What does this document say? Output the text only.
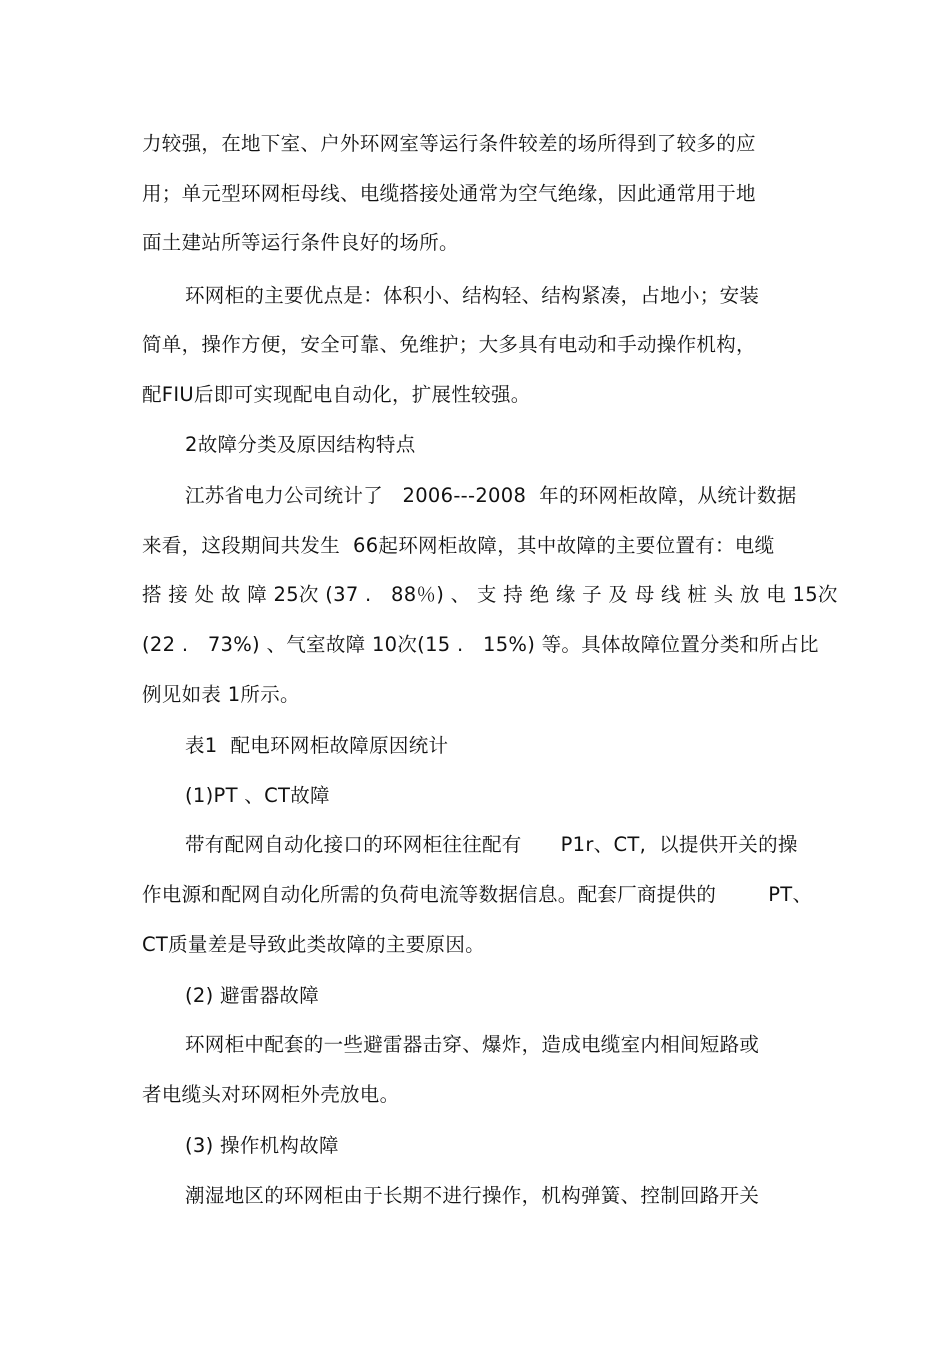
力较强，在地下室、户外环网室等运行条件较差的场所得到了较多的应
用；单元型环网柜母线、电缆搭接处通常为空气绝缘，因此通常用于地
面土建站所等运行条件良好的场所。
环网柜的主要优点是：体积小、结构轻、结构紧凑，占地小；安装
简单，操作方便，安全可靠、免维护；大多具有电动和手动操作机构，
配FIU后即可实现配电自动化，扩展性较强。
2故障分类及原因结构特点
江苏省电力公司统计了   2006---2008  年的环网柜故障，从统计数据
来看，这段期间共发生  66起环网柜故障，其中故障的主要位置有：电缆
搭 接 处 故 障 25次 (37 .   88％) 、 支 持 绝 缘 子 及 母 线 桩 头 放 电 15次
(22 .   73%) 、气室故障 10次(15 .   15%) 等。具体故障位置分类和所占比
例见如表 1所示。
表1  配电环网柜故障原因统计
(1)PT 、CT故障
带有配网自动化接口的环网柜往往配有      P1r、CT,  以提供开关的操
作电源和配网自动化所需的负荷电流等数据信息。配套厂商提供的        PT、
CT质量差是导致此类故障的主要原因。
(2) 避雷器故障
环网柜中配套的一些避雷器击穿、爆炸，造成电缆室内相间短路或
者电缆头对环网柜外壳放电。
(3) 操作机构故障
潮湿地区的环网柜由于长期不进行操作，机构弹簧、控制回路开关
